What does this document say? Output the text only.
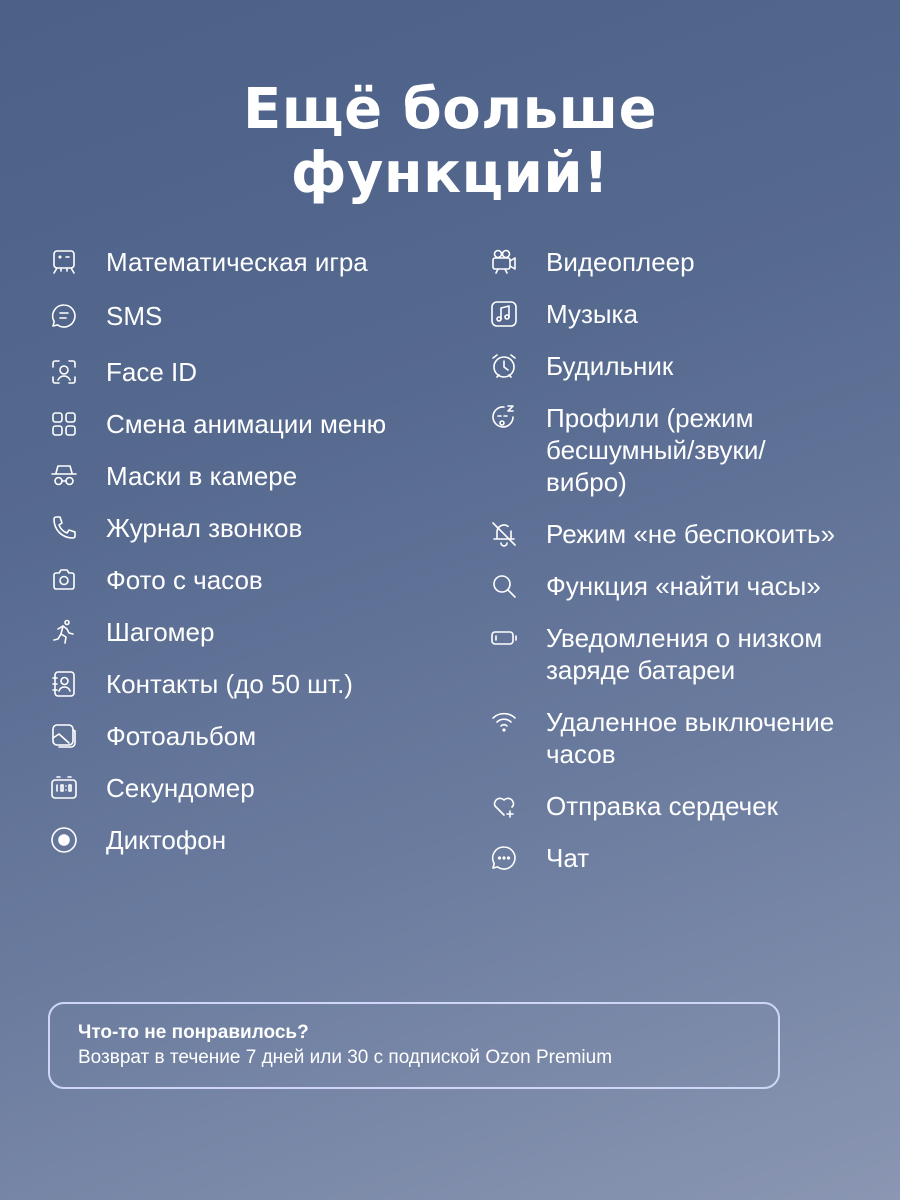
Ещё больше
функций!
Математическая игра
SMS
Face ID
Смена анимации меню
Маски в камере
Журнал звонков
Фото с часов
Шагомер
Контакты (до 50 шт.)
Фотоальбом
Секундомер
Диктофон
Видеоплеер
Музыка
Будильник
Профили (режим
бесшумный/звуки/
вибро)
Режим «не беспокоить»
Функция «найти часы»
Уведомления о низком
заряде батареи
Удаленное выключение
часов
Отправка сердечек
Чат
Что-то не понравилось?
Возврат в течение 7 дней или 30 с подпиской Ozon Premium
